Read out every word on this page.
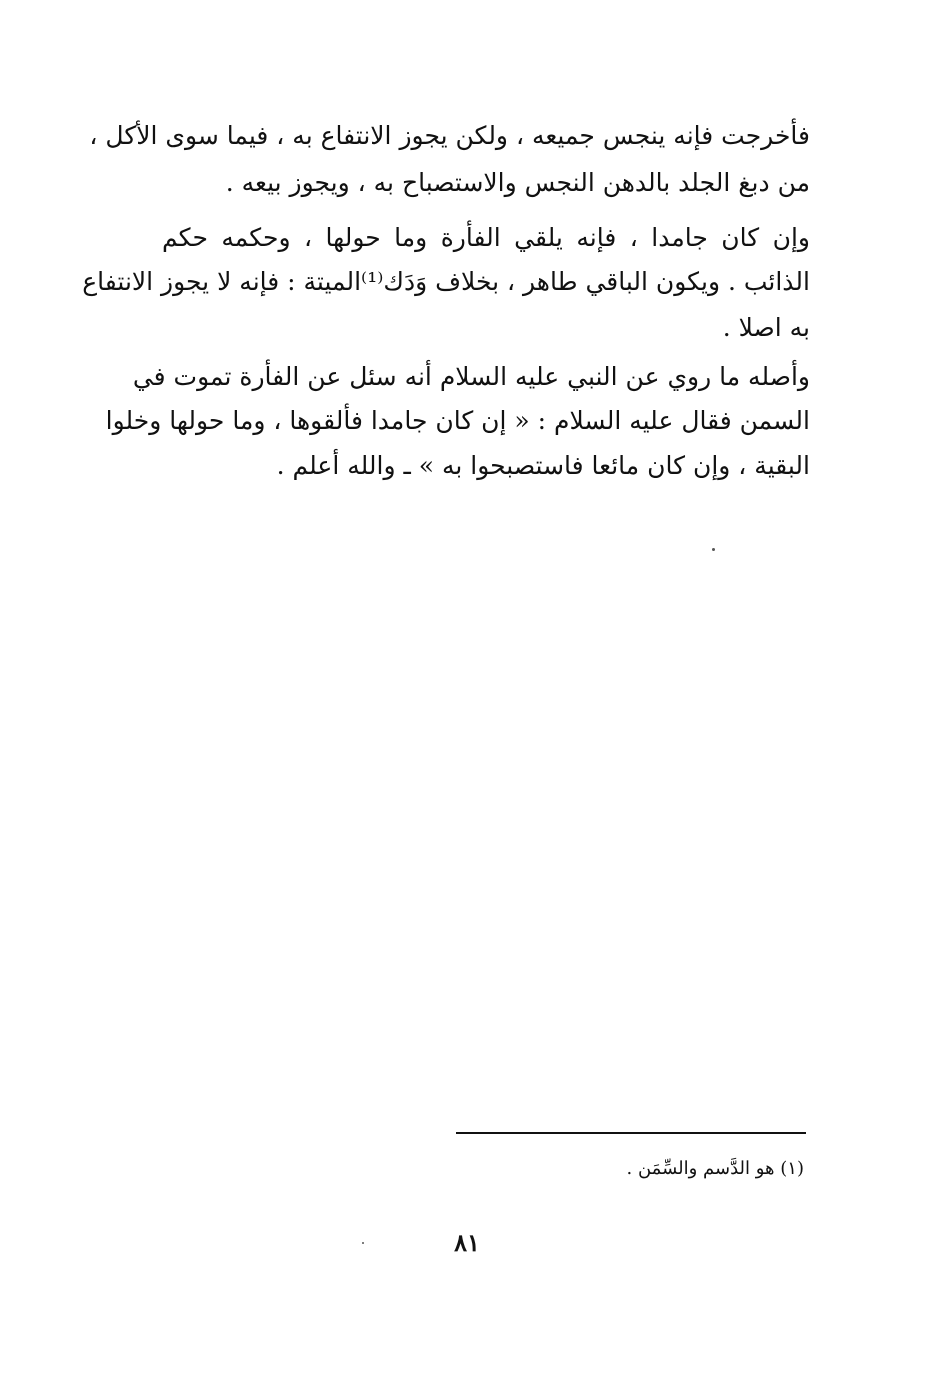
فأخرجت فإنه ينجس جميعه ، ولكن يجوز الانتفاع به ، فيما سوى الأكل ،
من دبغ الجلد بالدهن النجس والاستصباح به ، ويجوز بيعه .
وإن كان جامدا ، فإنه يلقي الفأرة وما حولها ، وحكمه حكم
الذائب . ويكون الباقي طاهر ، بخلاف وَدَك⁽¹⁾الميتة : فإنه لا يجوز الانتفاع
به اصلا .
وأصله ما روي عن النبي عليه السلام أنه سئل عن الفأرة تموت في
السمن فقال عليه السلام : « إن كان جامدا فألقوها ، وما حولها وخلوا
البقية ، وإن كان مائعا فاستصبحوا به » ـ والله أعلم .
(١) هو الدَّسم والسِّمَن .
٨١
